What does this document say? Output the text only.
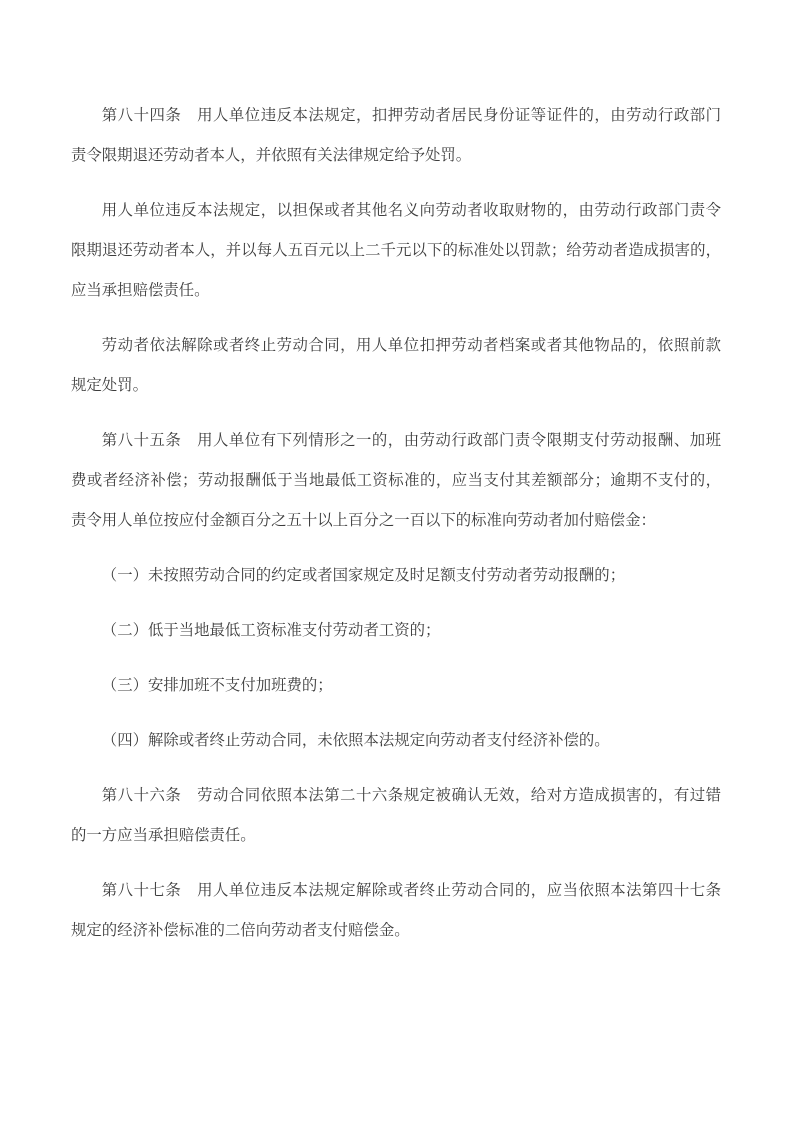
第八十四条　用人单位违反本法规定，扣押劳动者居民身份证等证件的，由劳动行政部门
责令限期退还劳动者本人，并依照有关法律规定给予处罚。

用人单位违反本法规定，以担保或者其他名义向劳动者收取财物的，由劳动行政部门责令
限期退还劳动者本人，并以每人五百元以上二千元以下的标准处以罚款；给劳动者造成损害的，
应当承担赔偿责任。

劳动者依法解除或者终止劳动合同，用人单位扣押劳动者档案或者其他物品的，依照前款
规定处罚。

第八十五条　用人单位有下列情形之一的，由劳动行政部门责令限期支付劳动报酬、加班
费或者经济补偿；劳动报酬低于当地最低工资标准的，应当支付其差额部分；逾期不支付的，
责令用人单位按应付金额百分之五十以上百分之一百以下的标准向劳动者加付赔偿金：

（一）未按照劳动合同的约定或者国家规定及时足额支付劳动者劳动报酬的；

（二）低于当地最低工资标准支付劳动者工资的；

（三）安排加班不支付加班费的；

（四）解除或者终止劳动合同，未依照本法规定向劳动者支付经济补偿的。

第八十六条　劳动合同依照本法第二十六条规定被确认无效，给对方造成损害的，有过错
的一方应当承担赔偿责任。

第八十七条　用人单位违反本法规定解除或者终止劳动合同的，应当依照本法第四十七条
规定的经济补偿标准的二倍向劳动者支付赔偿金。
